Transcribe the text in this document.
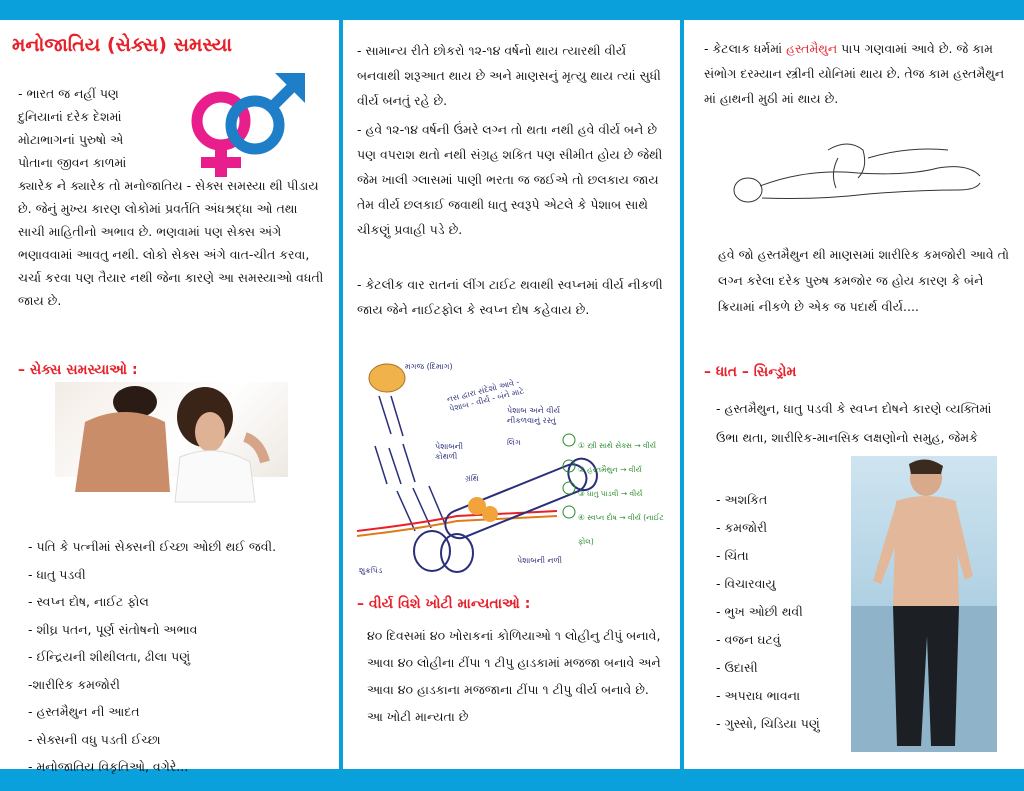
મનોજાતિય (સેક્સ) સમસ્યા
- ભારત જ નહીં પણ
દુનિયાનાં દરેક દેશમાં
મોટાભાગનાં પુરુષો એ
પોતાના જીવન કાળમાં
ક્યારેક ને ક્યારેક તો મનોજાતિય - સેક્સ સમસ્યા થી પીડાય છે. જેનું મુખ્ય કારણ લોકોમાં પ્રવર્તતિ અંધશ્રદ્ધા ઓ તથા સાચી માહિતીનો અભાવ છે. ભણવામાં પણ સેક્સ અંગે ભણાવવામાં આવતુ નથી. લોકો સેક્સ અંગે વાત-ચીત કરવા, ચર્ચા કરવા પણ તૈયાર નથી જેના કારણે આ સમસ્યાઓ વધતી જાય છે.
– સેક્સ સમસ્યાઓ :
- પતિ કે પત્નીમાં સેક્સની ઈચ્છા ઓછી થઈ જવી.
- ધાતુ પડવી
- સ્વપ્ન દોષ, નાઈટ ફોલ
- શીઘ્ર પતન, પૂર્ણ સંતોષનો અભાવ
- ઈન્દ્રિયની શીથીલતા, ઢીલા પણું
-શારીરિક કમજોરી
- હસ્તમૈથુન ની આદત
- સેક્સની વધુ પડતી ઈચ્છા
- મનોજાતિય વિકૃતિઓ, વગેરે...
- સામાન્ય રીતે છોકરો ૧૨-૧૪ વર્ષનો થાય ત્યારથી વીર્ય બનવાથી શરૂઆત થાય છે અને માણસનું મૃત્યુ થાય ત્યાં સુધી વીર્ય બનતું રહે છે.
- હવે ૧૨-૧૪ વર્ષની ઉંમરે લગ્ન તો થતા નથી હવે વીર્ય બને છે પણ વપરાશ થતો નથી સંગ્રહ શકિત પણ સીમીત હોય છે જેથી જેમ ખાલી ગ્લાસમાં પાણી ભરતા જ જઈએ તો છલકાય જાય તેમ વીર્ય છલકાઈ જવાથી ધાતુ સ્વરૂપે એટલે કે પેશાબ સાથે ચીકણું પ્રવાહી પડે છે.
- કેટલીક વાર રાતનાં લીંગ ટાઈટ થવાથી સ્વપ્નમાં વીર્ય નીકળી જાય જેને નાઈટફોલ કે સ્વપ્ન દોષ કહેવાય છે.
મગજ (દિમાગ)
નસ દ્વારા સંદેશો આવે - પેશાબ - વીર્ય - બંને માટે
પેશાબ અને વીર્ય નીકળવાનું રસ્તું
લિંગ
પેશાબની કોથળી
ગ્રંથિ
શુક્રપિંડ
પેશાબની નળી
① સ્ત્રી સાથે સેક્સ → વીર્ય
② હસ્તમૈથુન → વીર્ય
③ ધાતુ પાડવી → વીર્ય
④ સ્વપ્ન દોષ → વીર્ય (નાઈટ ફોલ)
– વીર્ય વિશે ખોટી માન્યતાઓ :
૪૦ દિવસમાં ૪૦ ખોરાકનાં કોળિયાઓ ૧ લોહીનુ ટીપું બનાવે, આવા ૪૦ લોહીના ટીંપા ૧ ટીપુ હાડકામાં મજજા બનાવે અને આવા ૪૦ હાડકાના મજજાના ટીંપા ૧ ટીપુ વીર્ય બનાવે છે. આ ખોટી માન્યતા છે
- કેટલાક ધર્મમાં હસ્તમૈથુન પાપ ગણવામાં આવે છે. જે કામ સંભોગ દરમ્યાન સ્ત્રીની યોનિમાં થાય છે. તેજ કામ હસ્તમૈથુન માં હાથની મુઠી માં થાય છે.
હવે જો હસ્તમૈથુન થી માણસમાં શારીરિક કમજોરી આવે તો લગ્ન કરેલા દરેક પુરુષ કમજોર જ હોય કારણ કે બંને ક્રિયામાં નીકળે છે એક જ પદાર્થ વીર્ય....
– ધાત – સિન્ડ્રોમ
- હસ્તમૈથુન, ધાતુ પડવી કે સ્વપ્ન દોષને કારણે વ્યક્તિમાં ઉભા થતા, શારીરિક-માનસિક લક્ષણોનો સમુહ, જેમકે
- અશકિત
- કમજોરી
- ચિંતા
- વિચારવાયુ
- ભુખ ઓછી થવી
- વજન ઘટવું
- ઉદાસી
- અપરાધ ભાવના
- ગુસ્સો, ચિડિયા પણું
